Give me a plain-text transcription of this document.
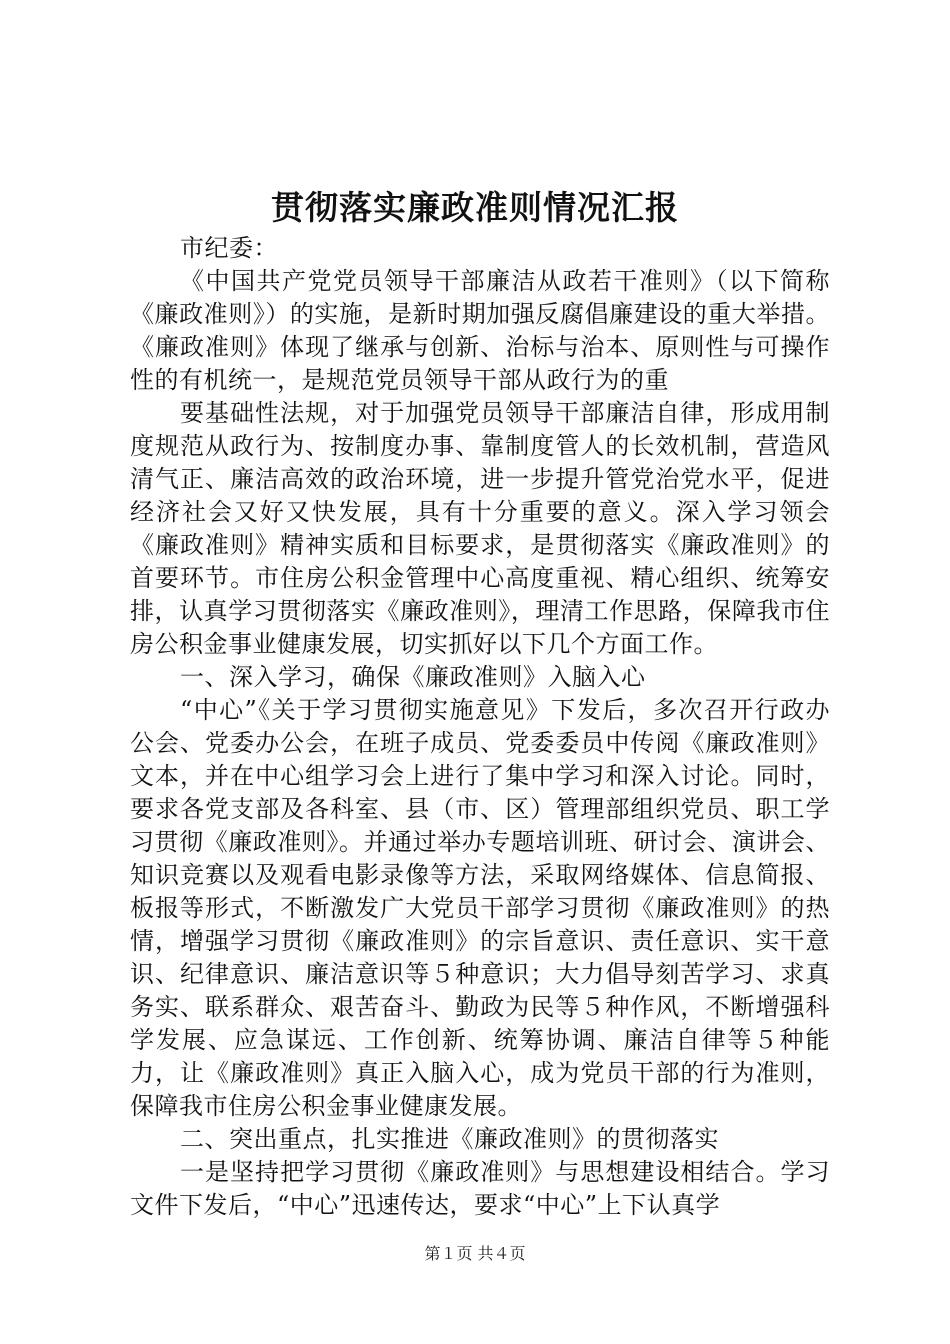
贯彻落实廉政准则情况汇报

市纪委：

《中国共产党党员领导干部廉洁从政若干准则》（以下简称《廉政准则》）的实施，是新时期加强反腐倡廉建设的重大举措。《廉政准则》体现了继承与创新、治标与治本、原则性与可操作性的有机统一，是规范党员领导干部从政行为的重

要基础性法规，对于加强党员领导干部廉洁自律，形成用制度规范从政行为、按制度办事、靠制度管人的长效机制，营造风清气正、廉洁高效的政治环境，进一步提升管党治党水平，促进经济社会又好又快发展，具有十分重要的意义。深入学习领会《廉政准则》精神实质和目标要求，是贯彻落实《廉政准则》的首要环节。市住房公积金管理中心高度重视、精心组织、统筹安排，认真学习贯彻落实《廉政准则》，理清工作思路，保障我市住房公积金事业健康发展，切实抓好以下几个方面工作。

一、深入学习，确保《廉政准则》入脑入心

“中心”《关于学习贯彻实施意见》下发后，多次召开行政办公会、党委办公会，在班子成员、党委委员中传阅《廉政准则》文本，并在中心组学习会上进行了集中学习和深入讨论。同时，要求各党支部及各科室、县（市、区）管理部组织党员、职工学习贯彻《廉政准则》。并通过举办专题培训班、研讨会、演讲会、知识竞赛以及观看电影录像等方法，采取网络媒体、信息简报、板报等形式，不断激发广大党员干部学习贯彻《廉政准则》的热情，增强学习贯彻《廉政准则》的宗旨意识、责任意识、实干意识、纪律意识、廉洁意识等５种意识；大力倡导刻苦学习、求真务实、联系群众、艰苦奋斗、勤政为民等５种作风，不断增强科学发展、应急谋远、工作创新、统筹协调、廉洁自律等５种能力，让《廉政准则》真正入脑入心，成为党员干部的行为准则，保障我市住房公积金事业健康发展。

二、突出重点，扎实推进《廉政准则》的贯彻落实

一是坚持把学习贯彻《廉政准则》与思想建设相结合。学习文件下发后，“中心”迅速传达，要求“中心”上下认真学

第１页 共４页
